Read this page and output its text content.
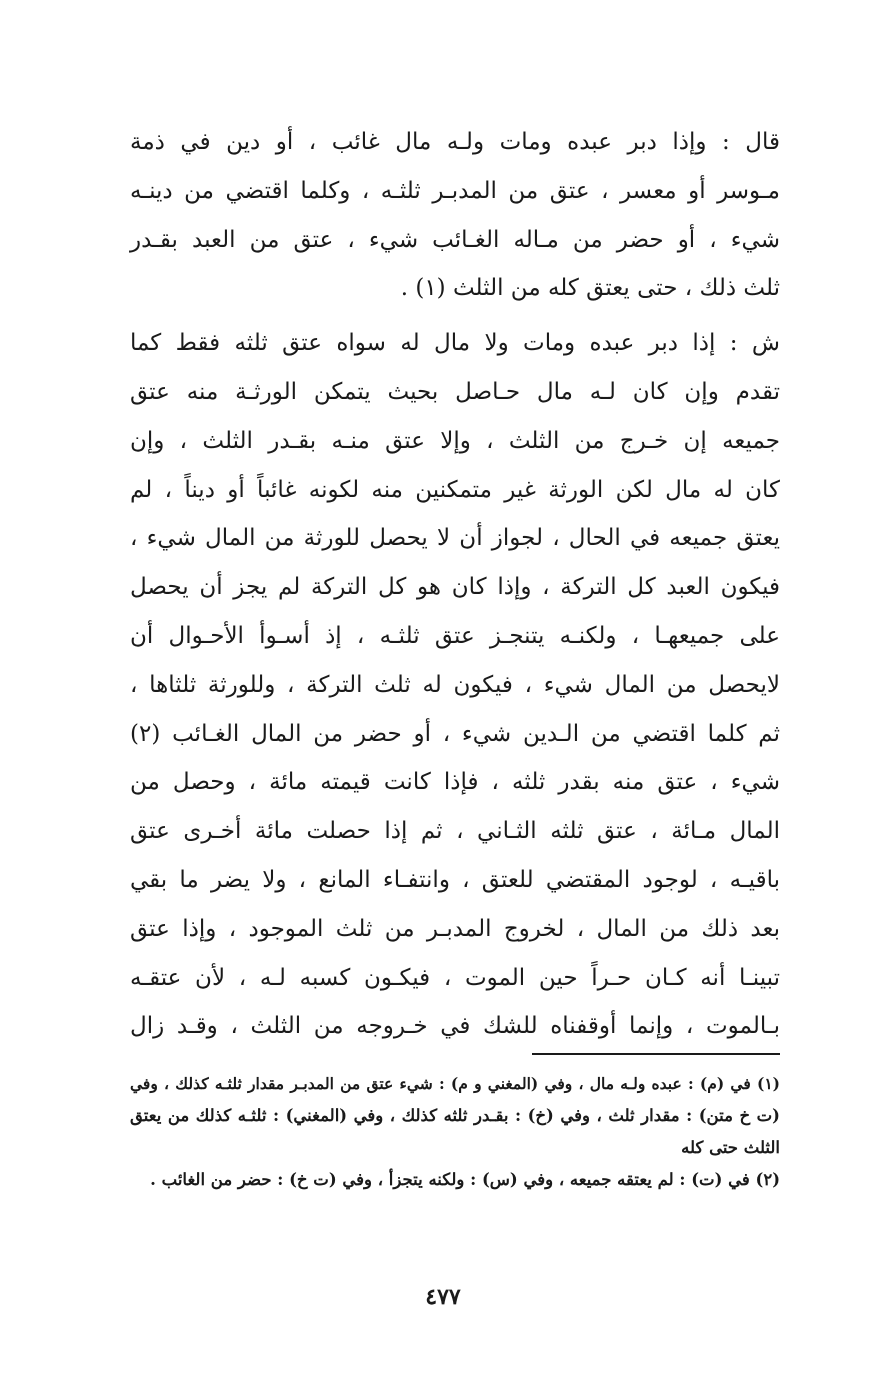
قال : وإذا دبر عبده ومات ولـه مال غائب ، أو دين في ذمة
مـوسر أو معسر ، عتق من المدبـر ثلثـه ، وكلما اقتضي من دينـه
شيء ، أو حضر من مـاله الغـائب شيء ، عتق من العبد بقـدر
ثلث ذلك ، حتى يعتق كله من الثلث (١) .
ش : إذا دبر عبده ومات ولا مال له سواه عتق ثلثه فقط كما
تقدم وإن كان لـه مال حـاصل بحيث يتمكن الورثـة منه عتق
جميعه إن خـرج من الثلث ، وإلا عتق منـه بقـدر الثلث ، وإن
كان له مال لكن الورثة غير متمكنين منه لكونه غائباً أو ديناً ، لم
يعتق جميعه في الحال ، لجواز أن لا يحصل للورثة من المال شيء ،
فيكون العبد كل التركة ، وإذا كان هو كل التركة لم يجز أن يحصل
على جميعهـا ، ولكنـه يتنجـز عتق ثلثـه ، إذ أسـوأ الأحـوال أن
لايحصل من المال شيء ، فيكون له ثلث التركة ، وللورثة ثلثاها ،
ثم كلما اقتضي من الـدين شيء ، أو حضر من المال الغـائب (٢)
شيء ، عتق منه بقدر ثلثه ، فإذا كانت قيمته مائة ، وحصل من
المال مـائة ، عتق ثلثه الثـاني ، ثم إذا حصلت مائة أخـرى عتق
باقيـه ، لوجود المقتضي للعتق ، وانتفـاء المانع ، ولا يضر ما بقي
بعد ذلك من المال ، لخروج المدبـر من ثلث الموجود ، وإذا عتق
تبينـا أنه كـان حـراً حين الموت ، فيكـون كسبه لـه ، لأن عتقـه
بـالموت ، وإنما أوقفناه للشك في خـروجه من الثلث ، وقـد زال
(١) في (م) : عبده ولـه مال ، وفي (المغني و م) : شيء عتق من المدبـر مقدار ثلثـه كذلك ، وفي
(ت خ متن) : مقدار ثلث ، وفي (خ) : بقـدر ثلثه كذلك ، وفي (المغني) : ثلثـه كذلك من يعتق
الثلث حتى كله
(٢) في (ت) : لم يعتقه جميعه ، وفي (س) : ولكنه يتجزأ ، وفي (ت خ) : حضر من الغائب .
٤٧٧
